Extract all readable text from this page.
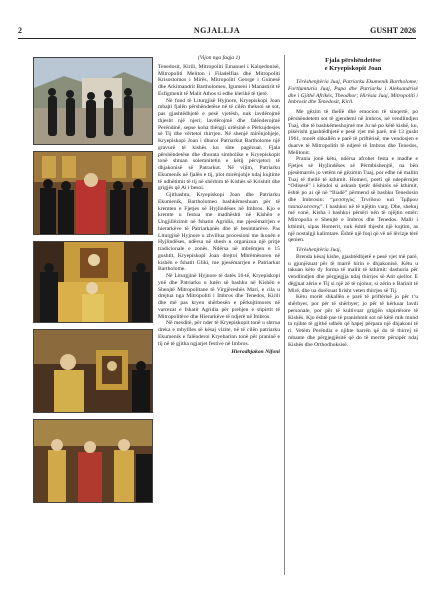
2	NGJALLJA	GUSHT 2026

(Vijon nga faqja 1)

Tenedosit, Kirili, Mitropoliti Emanuel i Kalqedonisë, Mitropoliti Meliton i Filadelfias dhe Mitropoliti Krisostomos i Mirës, Mitropoliti George i Guinesë dhe Arkimandrit Bartholomeu, Igumeni i Manastirit të Esfigmenit të Malit Athos si edhe klerikë të tjerë.

Në fund të Liturgjisë Hyjnore, Kryepiskopi Joan mbajti fjalën përshëndetëse në të cilën theksoi se sot, pas gjashtëdhjetë e pesë vjetësh, nuk lavdërojmë thjesht një njeri; lavdërojmë dhe falënderojmë Perëndinë, sepse koha thëngji urtësinë e Përkujdesjes së Tij dhe vërtetoi thirrjen. Në shenjë mirënjohjeje, Kryepiskopi Joan i dhuroi Patriarkut Bartholome një gravurë të kishës ku shte pagëzuar. Fjala përshëndetëse dhe dhurata simbolike e Kryepiskopit tonë shtuan solemnitetin e këtij përvjetori të dhjakonisë së Patrarkut. Në vijim, Patriarku Ekumenik në fjalën e tij, plot mirënjohje ndaj kujtime të udhëtimit të tij në shërbim të Kishës së Krishtit dhe grigjës që Ai i besoi.

Gjithashtu, Kryepiskopi Joan dhe Patriarku Ekumenik, Bartholomeo bashkëmeshuan për të kremten e Fjetjes së Hyjlindëses në Imbros. Kjo e kremte u festua me madhështi në Kishën e Ungjillëzimit në fshatin Agridia, me pjesëmarrjen e hierarkëve të Patriarkanës dhe të besimtarëve. Pas Liturgjisë Hyjnore u zhvillua procesioni me ikonën e Hyjlindëses, ndërsa në shesh u organizua një pritje tradicionale e zonës. Ndërsa në mbrëmjen e 15 gushtit, Kryepiskopi Joan drejtoi Mbrëmësoren në kishën e fshatit Gliki, me pjesëmarrjen e Patriarkut Bartholome.

Në Liturgjinë Hyjnore të datës 16-të, Kryepiskopi ynë dhe Patriarku u lutën së bashku në Kishën e Shenjtë Mitropolitane të Virgjëreshës Mari, e cila u drejtua nga Mitropoliti i Imbros dhe Tenedos, Kirili dhe më pas kryen shërbesën e përkujtimores në varrezat e fshatit Agridia për prehjen e shpirtit të Mitropolitëve dhe Hierarkëve të ndjerë në Imbros.

Në mesditë, për nder të Kryepiskopit tonë u shtrua dreka e mbyllles së kësaj vizite, në të cilën patriarku Ekumenik e falënderoi Kryebarinn tonë për praninë e tij në të gjitha ngjarjet festive në Imbros.

Hierodhjakon Nifoni

Fjala përshëndetëse
e Kryepiskopit Joan

Tërëshenjtëria Juaj, Patriarku Ekumenik Bartholome; Fortlumturia Juaj, Papa dhe Patriarku i Aleksandrisë dhe i Gjithë Afrikës, Theodhor; Hirësia Juaj, Mitropoliti i Imbrosit dhe Tenedosit, Kiril.

Me gëzim të thellë dhe emocion të sinqertë, po përshëndetem sot të gjendemi në Imbros, në vendlindjen Tuaj, dhe të bashkëmeshojmë me Ju në po këtë kishë, ku, pikërisht gjashtëdhjetë e pesë vjet më parë, më 13 gusht 1961, morët shkallën e parë të priftërisë, me vendosjen e duarve të Mitropolitit të ndjerë të Imbros dhe Tenedos, Melitonit.

Prania jonë këtu, ndërsa afrohet festa e madhe e Fjetjes së Hyjlindëses së Përmbishenjtë, na bën pjesëmarrës jo vetëm në gëzimin Tuaj, por edhe në mallin Tuaj të thellë të kthimit. Homeri, poeti që ndepërmjet “Odisesë” i këndoi si askush tjetër dëshirës së kthimit, është po ai që në “Iliadë” përmend së bashku Tenedosin dhe Imbrosin: “μεσσηγὺς Τενέδοιο καὶ Ἴμβρου παιπαλοέσσης”. I bashkoi në të njëjtin varg. Dhe, shekuj më vonë, Kisha i bashkoi përsëri nën të njëjtin emër: Mitropolia e Shenjtë e Imbros dhe Tenedos. Malli i kthimit, sipas Homerit, nuk është thjesht një kujtim, as një nostalgji kalimtare. Është një fuqi që vë në lëvizje tërë qenien.

Tërëshenjtëria Juaj,

Brenda kësaj kishe, gjashtëdhjetë e pesë vjet më parë, u gjunjëzuat për të marrë hirin e dhjakonisë. Këtu u takuan këto dy forma të mallit të kthimit: dashuria për vendlindjen dhe përgjegjja ndaj thirrjes së Atit qiellor. E dëgjuat zërin e Tij si një zë të njohur, si zërin e Barinit të Mirë, dhe ua dorëzuat lirisht veten thirrjes së Tij.

Këtu morët shkallën e parë të priftërisë jo për t’u shërbyer, por për të shërbyer; jo për të kërkuar lavdi personale, por për të kultivuar grigjën shpirtërore të Kishës. Kjo është pse të pranishmit sot në këtë mik mund ta njihte të gjithë udhën që hapej përpara një dhjakoni të ri. Vetëm Perëndia e njihte barrën që do të thirrej të mbante dhe përgjegjësitë që do të merrte përsipër ndaj Kishës dhe Orthodhoksisë.
